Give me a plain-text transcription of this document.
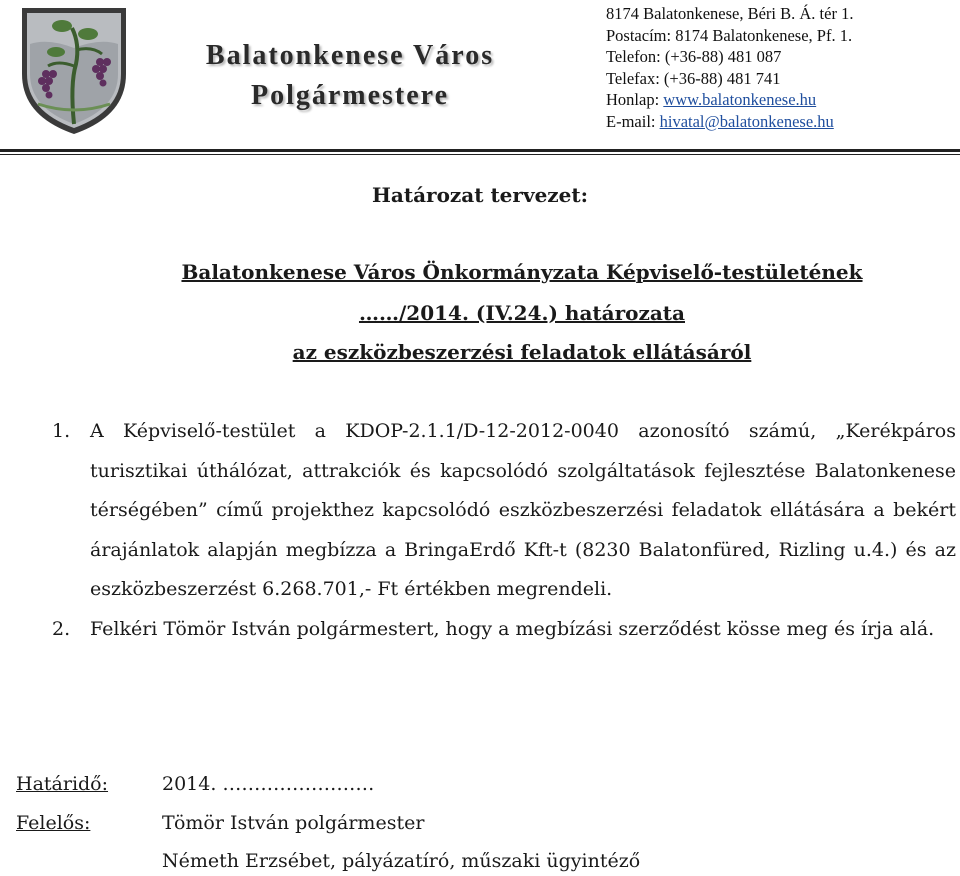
Balatonkenese Város
Polgármestere
8174 Balatonkenese, Béri B. Á. tér 1.
Postacím: 8174 Balatonkenese, Pf. 1.
Telefon: (+36-88) 481 087
Telefax: (+36-88) 481 741
Honlap: www.balatonkenese.hu
E-mail: hivatal@balatonkenese.hu
Határozat tervezet:
Balatonkenese Város Önkormányzata Képviselő-testületének
……/2014. (IV.24.) határozata
az eszközbeszerzési feladatok ellátásáról

1. A Képviselő-testület a KDOP-2.1.1/D-12-2012-0040 azonosító számú, „Kerékpáros turisztikai úthálózat, attrakciók és kapcsolódó szolgáltatások fejlesztése Balatonkenese térségében” című projekthez kapcsolódó eszközbeszerzési feladatok ellátására a bekért árajánlatok alapján megbízza a BringaErdő Kft-t (8230 Balatonfüred, Rizling u.4.) és az eszközbeszerzést 6.268.701,- Ft értékben megrendeli.

2. Felkéri Tömör István polgármestert, hogy a megbízási szerződést kösse meg és írja alá.

Határidő:	2014. ……………………
Felelős:	Tömör István polgármester
Németh Erzsébet, pályázatíró, műszaki ügyintéző
